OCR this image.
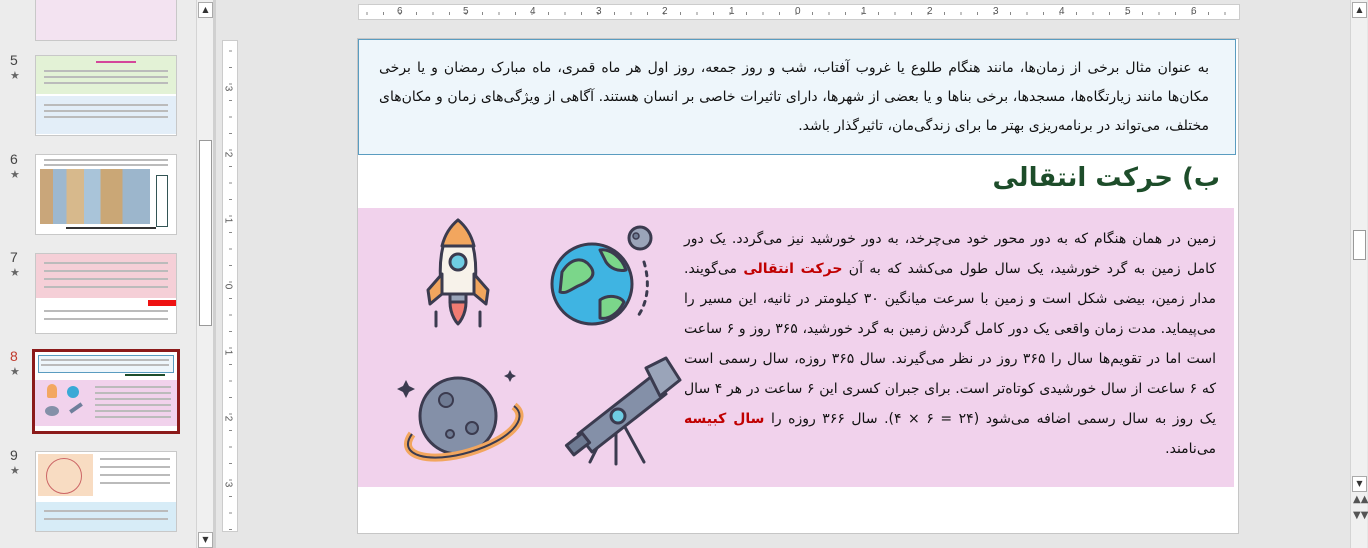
5
★
6
★
7
★
8
★
9
★
▲
▼
6	5	4	3	2	1	0	1	2	3	4	5	6
3
2
1
0
1
2
3
به عنوان مثال برخی از زمان‌ها، مانند هنگام طلوع یا غروب آفتاب، شب و روز جمعه، روز اول هر ماه قمری، ماه مبارک رمضان و یا برخی مکان‌ها مانند زیارتگاه‌ها، مسجدها، برخی بناها و یا بعضی از شهرها، دارای تاثیرات خاصی بر انسان هستند. آگاهی از ویژگی‌های زمان و مکان‌های مختلف، می‌تواند در برنامه‌ریزی بهتر ما برای زندگی‌مان، تاثیرگذار باشد.
ب) حرکت انتقالی
زمین در همان هنگام که به دور محور خود می‌چرخد، به دور خورشید نیز می‌گردد. یک دور کامل زمین به گرد خورشید، یک سال طول می‌کشد که به آن حرکت انتقالی می‌گویند. مدار زمین، بیضی شکل است و زمین با سرعت میانگین ۳۰ کیلومتر در ثانیه، این مسیر را می‌پیماید. مدت زمان واقعی یک دور کامل گردش زمین به گرد خورشید، ۳۶۵ روز و ۶ ساعت است اما در تقویم‌ها سال را ۳۶۵ روز در نظر می‌گیرند. سال ۳۶۵ روزه، سال رسمی است که ۶ ساعت از سال خورشیدی کوتاه‌تر است. برای جبران کسری این ۶ ساعت در هر ۴ سال یک روز به سال رسمی اضافه می‌شود (۲۴ = ۶ × ۴). سال ۳۶۶ روزه را سال کبیسه می‌نامند.
▲
▼
▲▲
▼▼
